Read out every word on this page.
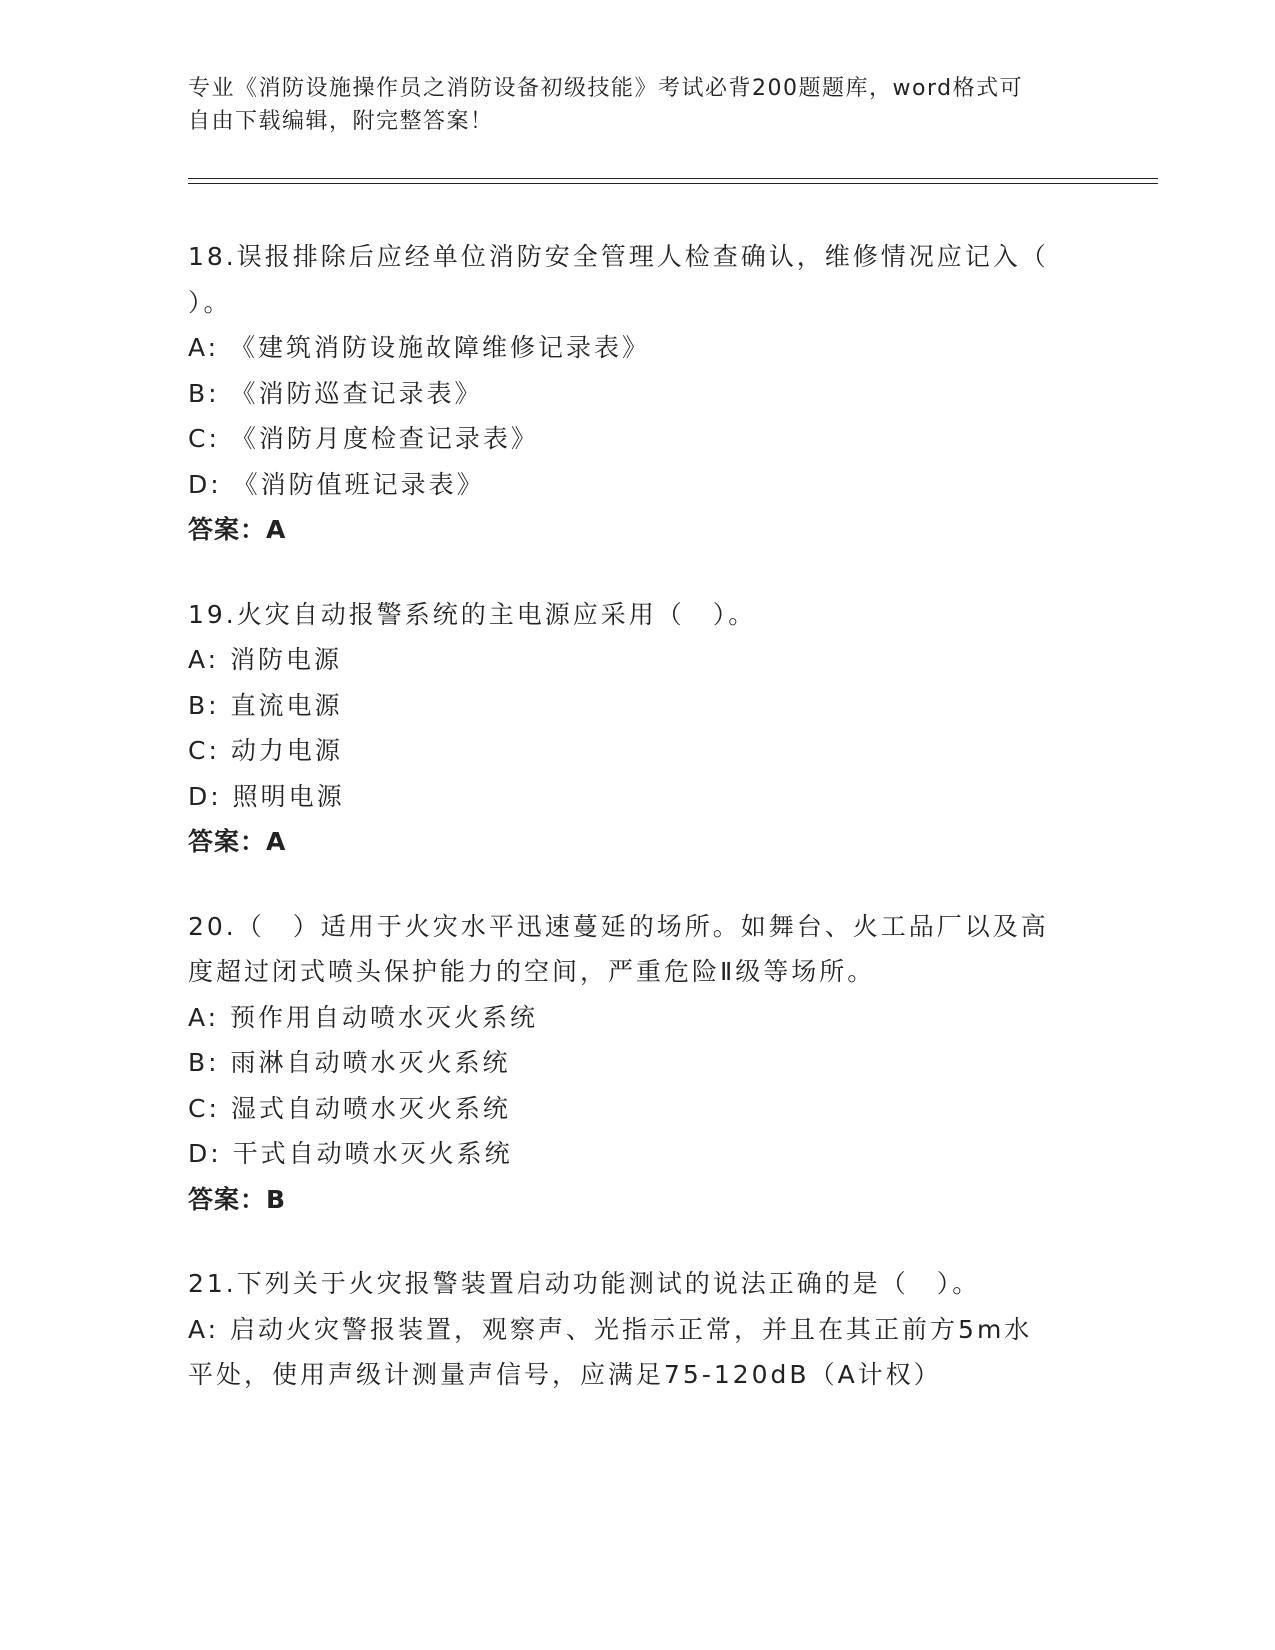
专业《消防设施操作员之消防设备初级技能》考试必背200题题库，word格式可
自由下载编辑，附完整答案！
18.误报排除后应经单位消防安全管理人检查确认，维修情况应记入（
）。
A: 《建筑消防设施故障维修记录表》
B: 《消防巡查记录表》
C: 《消防月度检查记录表》
D: 《消防值班记录表》
答案：A
19.火灾自动报警系统的主电源应采用（　）。
A: 消防电源
B: 直流电源
C: 动力电源
D: 照明电源
答案：A
20.（　）适用于火灾水平迅速蔓延的场所。如舞台、火工品厂以及高
度超过闭式喷头保护能力的空间，严重危险Ⅱ级等场所。
A: 预作用自动喷水灭火系统
B: 雨淋自动喷水灭火系统
C: 湿式自动喷水灭火系统
D: 干式自动喷水灭火系统
答案：B
21.下列关于火灾报警装置启动功能测试的说法正确的是（　）。
A: 启动火灾警报装置，观察声、光指示正常，并且在其正前方5m水
平处，使用声级计测量声信号，应满足75-120dB（A计权）
